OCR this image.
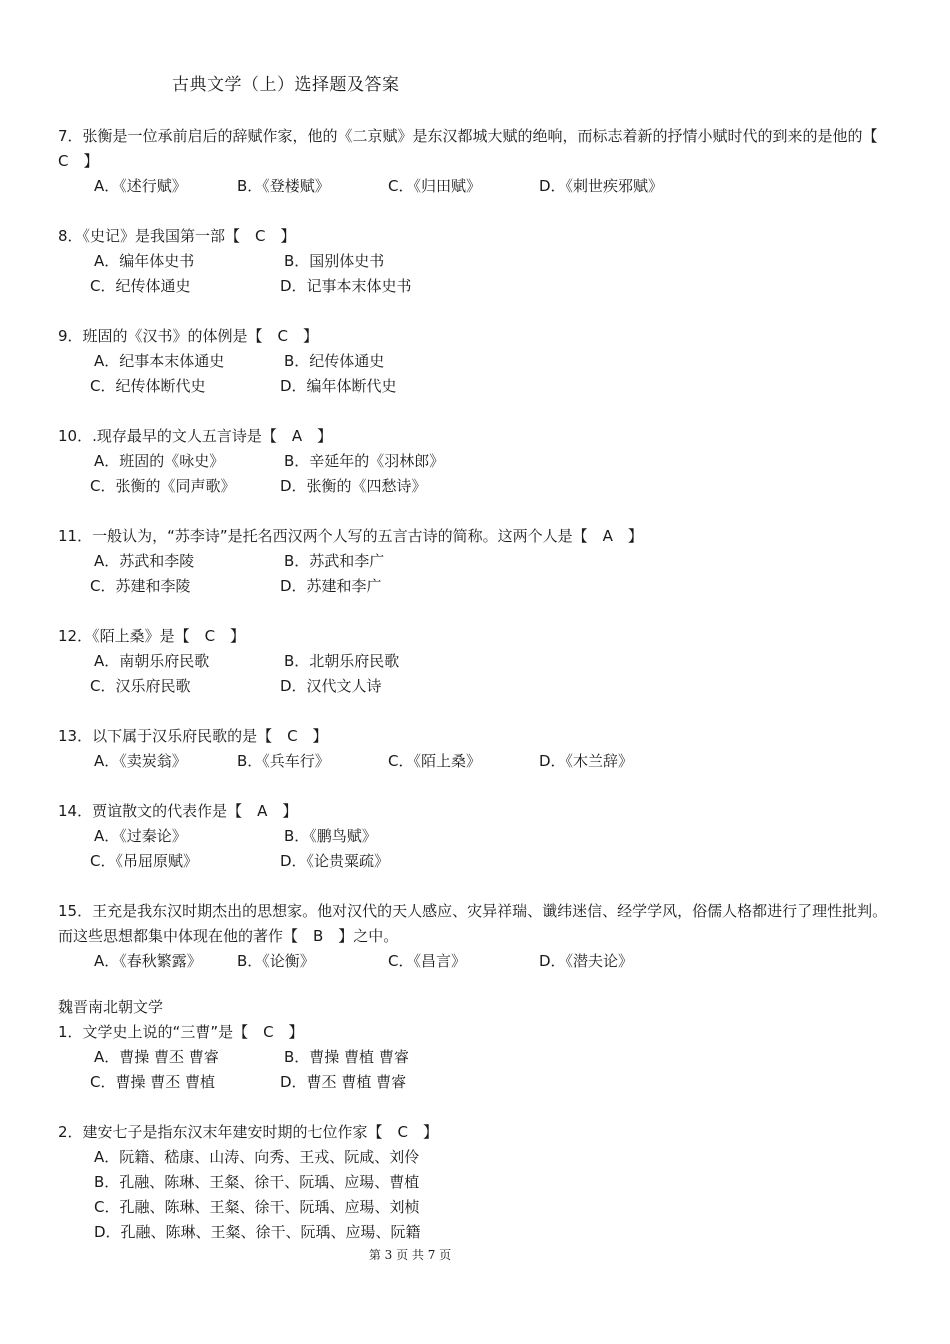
古典文学（上）选择题及答案
7．张衡是一位承前启后的辞赋作家，他的《二京赋》是东汉都城大赋的绝响，而标志着新的抒情小赋时代的到来的是他的【　C　】
A．《述行赋》	B．《登楼赋》	C．《归田赋》	D．《刺世疾邪赋》
8．《史记》是我国第一部【　C　】
A．编年体史书	B．国别体史书
C．纪传体通史	D．记事本末体史书
9．班固的《汉书》的体例是【　C　】
A．纪事本末体通史	B．纪传体通史
C．纪传体断代史	D．编年体断代史
10．.现存最早的文人五言诗是【　A　】
A．班固的《咏史》	B．辛延年的《羽林郎》
C．张衡的《同声歌》	D．张衡的《四愁诗》
11．一般认为，“苏李诗”是托名西汉两个人写的五言古诗的简称。这两个人是【　A　】
A．苏武和李陵	B．苏武和李广
C．苏建和李陵	D．苏建和李广
12．《陌上桑》是【　C　】
A．南朝乐府民歌	B．北朝乐府民歌
C．汉乐府民歌	D．汉代文人诗
13．以下属于汉乐府民歌的是【　C　】
A．《卖炭翁》	B．《兵车行》	C．《陌上桑》	D．《木兰辞》
14．贾谊散文的代表作是【　A　】
A．《过秦论》	B．《鹏鸟赋》
C．《吊屈原赋》	D．《论贵粟疏》
15．王充是我东汉时期杰出的思想家。他对汉代的天人感应、灾异祥瑞、谶纬迷信、经学学风，俗儒人格都进行了理性批判。而这些思想都集中体现在他的著作【　B　】之中。
A．《春秋繁露》	B．《论衡》	C．《昌言》	D．《潜夫论》
魏晋南北朝文学
1．文学史上说的“三曹”是【　C　】
A．曹操 曹丕 曹睿	B．曹操 曹植 曹睿
C．曹操 曹丕 曹植	D．曹丕 曹植 曹睿
2．建安七子是指东汉末年建安时期的七位作家【　C　】
A．阮籍、嵇康、山涛、向秀、王戎、阮咸、刘伶
B．孔融、陈琳、王粲、徐干、阮瑀、应瑒、曹植
C．孔融、陈琳、王粲、徐干、阮瑀、应瑒、刘桢
D．孔融、陈琳、王粲、徐干、阮瑀、应瑒、阮籍
第 3 页 共 7 页
